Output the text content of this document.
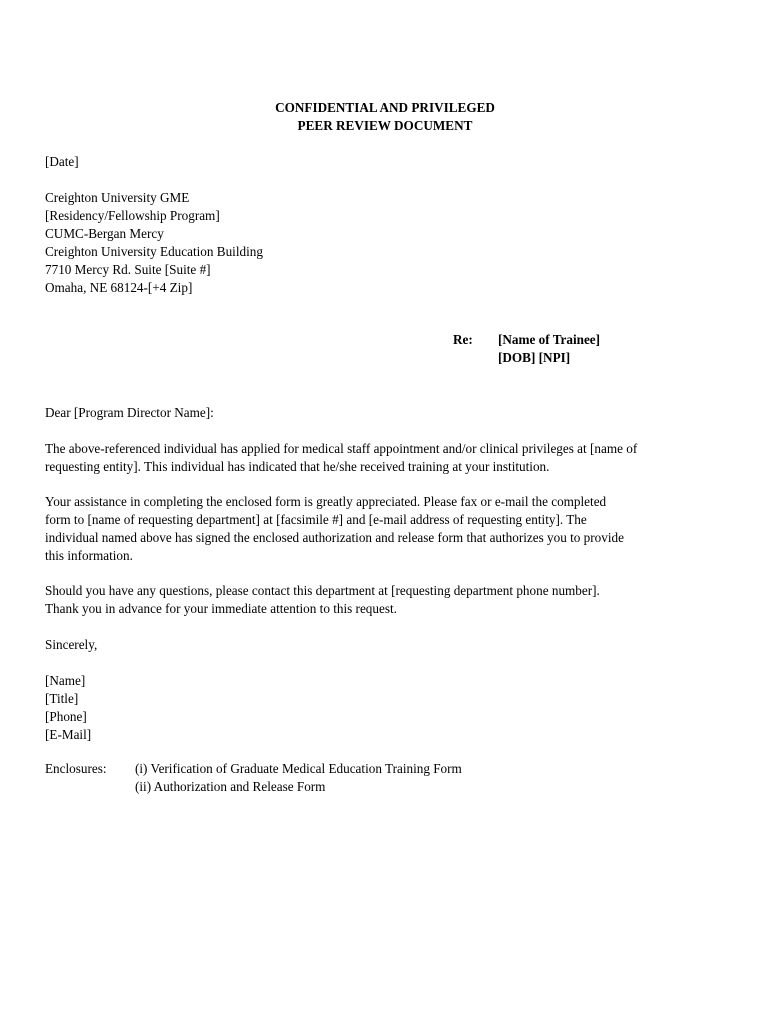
CONFIDENTIAL AND PRIVILEGED
PEER REVIEW DOCUMENT
[Date]
Creighton University GME
[Residency/Fellowship Program]
CUMC-Bergan Mercy
Creighton University Education Building
7710 Mercy Rd. Suite [Suite #]
Omaha, NE 68124-[+4 Zip]
Re:	[Name of Trainee]
[DOB] [NPI]
Dear [Program Director Name]:
The above-referenced individual has applied for medical staff appointment and/or clinical privileges at [name of
requesting entity]. This individual has indicated that he/she received training at your institution.
Your assistance in completing the enclosed form is greatly appreciated. Please fax or e-mail the completed
form to [name of requesting department] at [facsimile #] and [e-mail address of requesting entity]. The
individual named above has signed the enclosed authorization and release form that authorizes you to provide
this information.
Should you have any questions, please contact this department at [requesting department phone number].
Thank you in advance for your immediate attention to this request.
Sincerely,
[Name]
[Title]
[Phone]
[E-Mail]
Enclosures: (i) Verification of Graduate Medical Education Training Form
(ii) Authorization and Release Form
